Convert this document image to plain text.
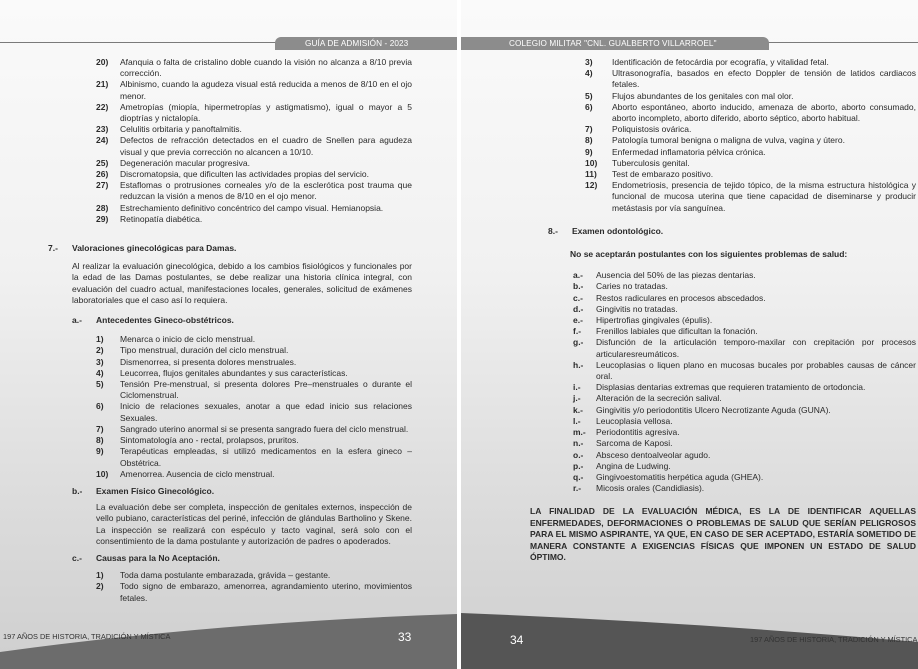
GUÍA DE ADMISIÓN - 2023
20)	Afanquia o falta de cristalino doble cuando la visión no alcanza a 8/10 previa corrección.
21)	Albinismo, cuando la agudeza visual está reducida a menos de 8/10 en el ojo menor.
22)	Ametropías (miopía, hipermetropías y astigmatismo), igual o mayor a 5 dioptrías y nictalopía.
23)	Celulitis orbitaria y panoftalmitis.
24)	Defectos de refracción detectados en el cuadro de Snellen para agudeza visual y que previa corrección no alcancen a 10/10.
25)	Degeneración macular progresiva.
26)	Discromatopsia, que dificulten las actividades propias del servicio.
27)	Estaflomas o protrusiones corneales y/o de la esclerótica post trauma que reduzcan la visión a menos de 8/10 en el ojo menor.
28)	Estrechamiento definitivo concéntrico del campo visual. Hemianopsia.
29)	Retinopatía diabética.
7.-	Valoraciones ginecológicas para Damas.
Al realizar la evaluación ginecológica, debido a los cambios fisiológicos y funcionales por la edad de las Damas postulantes, se debe realizar una historia clínica integral, con evaluación del cuadro actual, manifestaciones locales, generales, solicitud de exámenes laboratoriales que el caso así lo requiera.
a.-	Antecedentes Gineco-obstétricos.
1)	Menarca o inicio de ciclo menstrual.
2)	Tipo menstrual, duración del ciclo menstrual.
3)	Dismenorrea, si presenta dolores menstruales.
4)	Leucorrea, flujos genitales abundantes y sus características.
5)	Tensión Pre-menstrual, si presenta dolores Pre–menstruales o durante el Ciclomenstrual.
6)	Inicio de relaciones sexuales, anotar a que edad inicio sus relaciones Sexuales.
7)	Sangrado uterino anormal si se presenta sangrado fuera del ciclo menstrual.
8)	Sintomatología ano - rectal, prolapsos, pruritos.
9)	Terapéuticas empleadas, si utilizó medicamentos en la esfera gineco – Obstétrica.
10)	Amenorrea. Ausencia de ciclo menstrual.
b.-	Examen Físico Ginecológico.
La evaluación debe ser completa, inspección de genitales externos, inspección de vello pubiano, características del periné, infección de glándulas Bartholino y Skene. La inspección se realizará con espéculo y tacto vaginal, será solo con el consentimiento de la dama postulante y autorización de padres o apoderados.
c.-	Causas para la No Aceptación.
1)	Toda dama postulante embarazada, grávida – gestante.
2)	Todo signo de embarazo, amenorrea, agrandamiento uterino, movimientos fetales.
197 AÑOS DE HISTORIA, TRADICIÓN Y MÍSTICA	33
COLEGIO MILITAR "CNL. GUALBERTO VILLARROEL"
3)	Identificación de fetocárdia por ecografía, y vitalidad fetal.
4)	Ultrasonografía, basados en efecto Doppler de tensión de latidos cardiacos fetales.
5)	Flujos abundantes de los genitales con mal olor.
6)	Aborto espontáneo, aborto inducido, amenaza de aborto, aborto consumado, aborto incompleto, aborto diferido, aborto séptico, aborto habitual.
7)	Poliquistosis ovárica.
8)	Patología tumoral benigna o maligna de vulva, vagina y útero.
9)	Enfermedad inflamatoria pélvica crónica.
10)	Tuberculosis genital.
11)	Test de embarazo positivo.
12)	Endometriosis, presencia de tejido tópico, de la misma estructura histológica y funcional de mucosa uterina que tiene capacidad de diseminarse y producir metástasis por vía sanguínea.
8.-	Examen odontológico.
No se aceptarán postulantes con los siguientes problemas de salud:
a.-	Ausencia del 50% de las piezas dentarias.
b.-	Caries no tratadas.
c.-	Restos radiculares en procesos abscedados.
d.-	Gingivitis no tratadas.
e.-	Hipertrofias gingivales (épulis).
f.-	Frenillos labiales que dificultan la fonación.
g.-	Disfunción de la articulación temporo-maxilar con crepitación por procesos articularesreumáticos.
h.-	Leucoplasias o liquen plano en mucosas bucales por probables causas de cáncer oral.
i.-	Displasias dentarias extremas que requieren tratamiento de ortodoncia.
j.-	Alteración de la secreción salival.
k.-	Gingivitis y/o periodontitis Ulcero Necrotizante Aguda (GUNA).
l.-	Leucoplasia vellosa.
m.-	Periodontitis agresiva.
n.-	Sarcoma de Kaposi.
o.-	Absceso dentoalveolar agudo.
p.-	Angina de Ludwing.
q.-	Gingivoestomatitis herpética aguda (GHEA).
r.-	Micosis orales (Candidiasis).
LA FINALIDAD DE LA EVALUACIÓN MÉDICA, ES LA DE IDENTIFICAR AQUELLAS ENFERMEDADES, DEFORMACIONES O PROBLEMAS DE SALUD QUE SERÍAN PELIGROSOS PARA EL MISMO ASPIRANTE, YA QUE, EN CASO DE SER ACEPTADO, ESTARÍA SOMETIDO DE MANERA CONSTANTE A EXIGENCIAS FÍSICAS QUE IMPONEN UN ESTADO DE SALUD ÓPTIMO.
197 AÑOS DE HISTORIA, TRADICIÓN Y MÍSTICA
34
